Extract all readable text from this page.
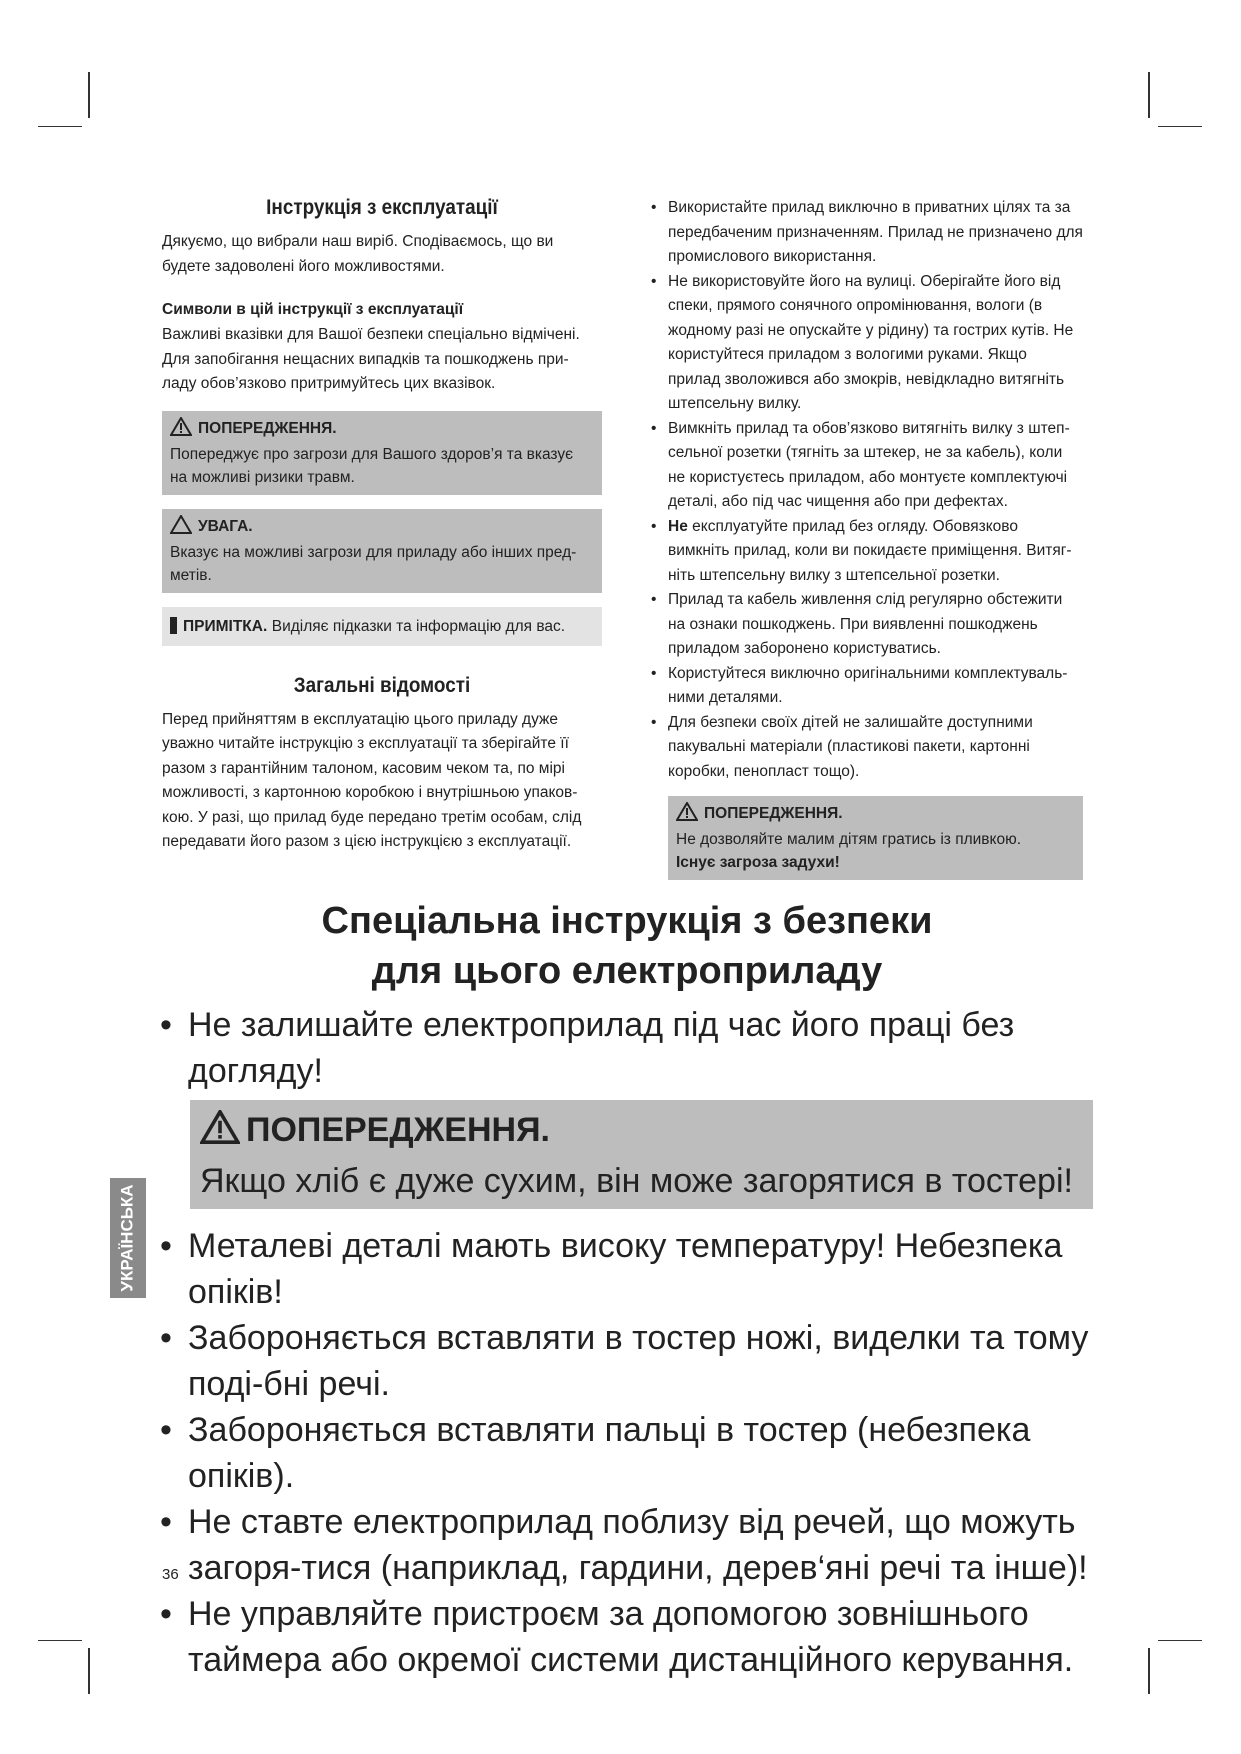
Інструкція з експлуатації

Дякуємо, що вибрали наш виріб. Сподіваємось, що ви будете задоволені його можливостями.

Символи в цій інструкції з експлуатації

Важливі вказівки для Вашої безпеки спеціально відмічені. Для запобігання нещасних випадків та пошкоджень при-ладу обов’язково притримуйтесь цих вказівок.

ПОПЕРЕДЖЕННЯ.
Попереджує про загрози для Вашого здоров’я та вказує на можливі ризики травм.
УВАГА.
Вказує на можливі загрози для приладу або інших пред-метів.
ПРИМІТКА. Виділяє підказки та інформацію для вас.
Загальні відомості

Перед прийняттям в експлуатацію цього приладу дуже уважно читайте інструкцію з експлуатації та зберігайте її разом з гарантійним талоном, касовим чеком та, по мірі можливості, з картонною коробкою і внутрішньою упаков-кою. У разі, що прилад буде передано третім особам, слід передавати його разом з цією інструкцією з експлуатації.

• Використайте прилад виключно в приватних цілях та за передбаченим призначенням. Прилад не призначено для промислового використання.
• Не використовуйте його на вулиці. Оберігайте його від спеки, прямого сонячного опромінювання, вологи (в жодному разі не опускайте у рідину) та гострих кутів. Не користуйтеся приладом з вологими руками. Якщо прилад зволожився або змокрів, невідкладно витягніть штепсельну вилку.
• Вимкніть прилад та обов’язково витягніть вилку з штеп-сельної розетки (тягніть за штекер, не за кабель), коли не користуєтесь приладом, або монтуєте комплектуючі деталі, або під час чищення або при дефектах.
• Не експлуатуйте прилад без огляду. Обовязково вимкніть прилад, коли ви покидаєте приміщення. Витяг-ніть штепсельну вилку з штепсельної розетки.
• Прилад та кабель живлення слід регулярно обстежити на ознаки пошкоджень. При виявленні пошкоджень приладом заборонено користуватись.
• Користуйтеся виключно оригінальними комплектуваль-ними деталями.
• Для безпеки своїх дітей не залишайте доступними пакувальні матеріали (пластикові пакети, картонні коробки, пенопласт тощо).
ПОПЕРЕДЖЕННЯ.
Не дозволяйте малим дітям гратись із пливкою.
Існує загроза задухи!
Спеціальна інструкція з безпеки
для цього електроприладу
• Не залишайте електроприлад під час його праці без догляду!
ПОПЕРЕДЖЕННЯ.
Якщо хліб є дуже сухим, він може загорятися в тостері!
• Металеві деталі мають високу температуру! Небезпека опіків!
• Забороняється вставляти в тостер ножі, виделки та тому поді-бні речі.
• Забороняється вставляти пальці в тостер (небезпека опіків).
• Не ставте електроприлад поблизу від речей, що можуть загоря-тися (наприклад, гардини, дерев‘яні речі та інше)!
• Не управляйте пристроєм за допомогою зовнішнього таймера або окремої системи дистанційного керування.
УКРАЇНСЬКА
36
